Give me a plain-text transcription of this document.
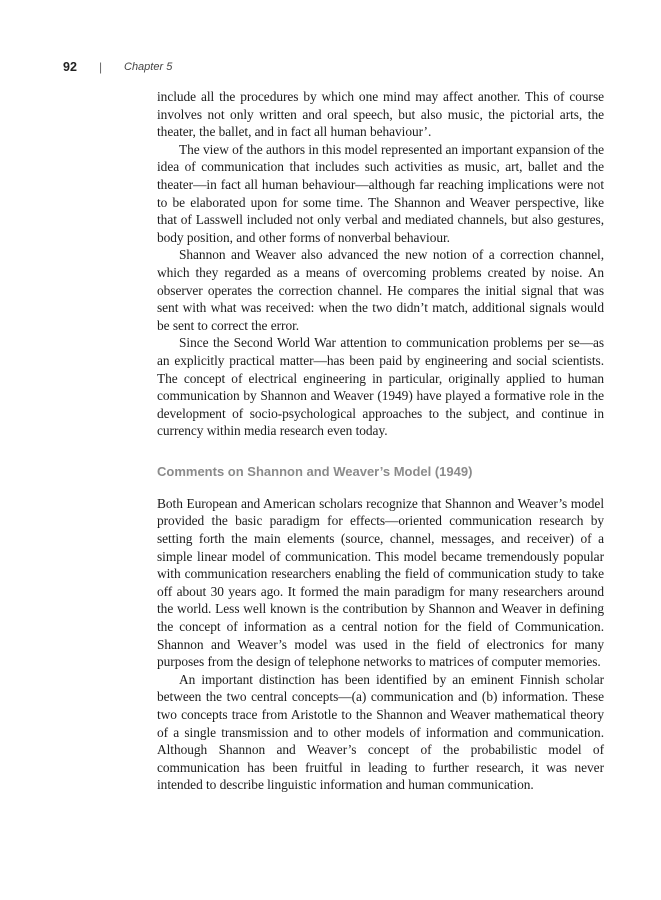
92 | Chapter 5

include all the procedures by which one mind may affect another. This of course involves not only written and oral speech, but also music, the pictorial arts, the theater, the ballet, and in fact all human behaviour’.

The view of the authors in this model represented an important expansion of the idea of communication that includes such activities as music, art, ballet and the theater—in fact all human behaviour—although far reaching implications were not to be elaborated upon for some time. The Shannon and Weaver perspective, like that of Lasswell included not only verbal and mediated channels, but also gestures, body position, and other forms of nonverbal behaviour.

Shannon and Weaver also advanced the new notion of a correction channel, which they regarded as a means of overcoming problems created by noise. An observer operates the correction channel. He compares the initial signal that was sent with what was received: when the two didn’t match, additional signals would be sent to correct the error.

Since the Second World War attention to communication problems per se—as an explicitly practical matter—has been paid by engineering and social scientists. The concept of electrical engineering in particular, originally applied to human communication by Shannon and Weaver (1949) have played a formative role in the development of socio-psychological approaches to the subject, and continue in currency within media research even today.

Comments on Shannon and Weaver’s Model (1949)

Both European and American scholars recognize that Shannon and Weaver’s model provided the basic paradigm for effects—oriented communication research by setting forth the main elements (source, channel, messages, and receiver) of a simple linear model of communication. This model became tremendously popular with communication researchers enabling the field of communication study to take off about 30 years ago. It formed the main paradigm for many researchers around the world. Less well known is the contribution by Shannon and Weaver in defining the concept of information as a central notion for the field of Communication. Shannon and Weaver’s model was used in the field of electronics for many purposes from the design of telephone networks to matrices of computer memories.

An important distinction has been identified by an eminent Finnish scholar between the two central concepts—(a) communication and (b) information. These two concepts trace from Aristotle to the Shannon and Weaver mathematical theory of a single transmission and to other models of information and communication. Although Shannon and Weaver’s concept of the probabilistic model of communication has been fruitful in leading to further research, it was never intended to describe linguistic information and human communication.
